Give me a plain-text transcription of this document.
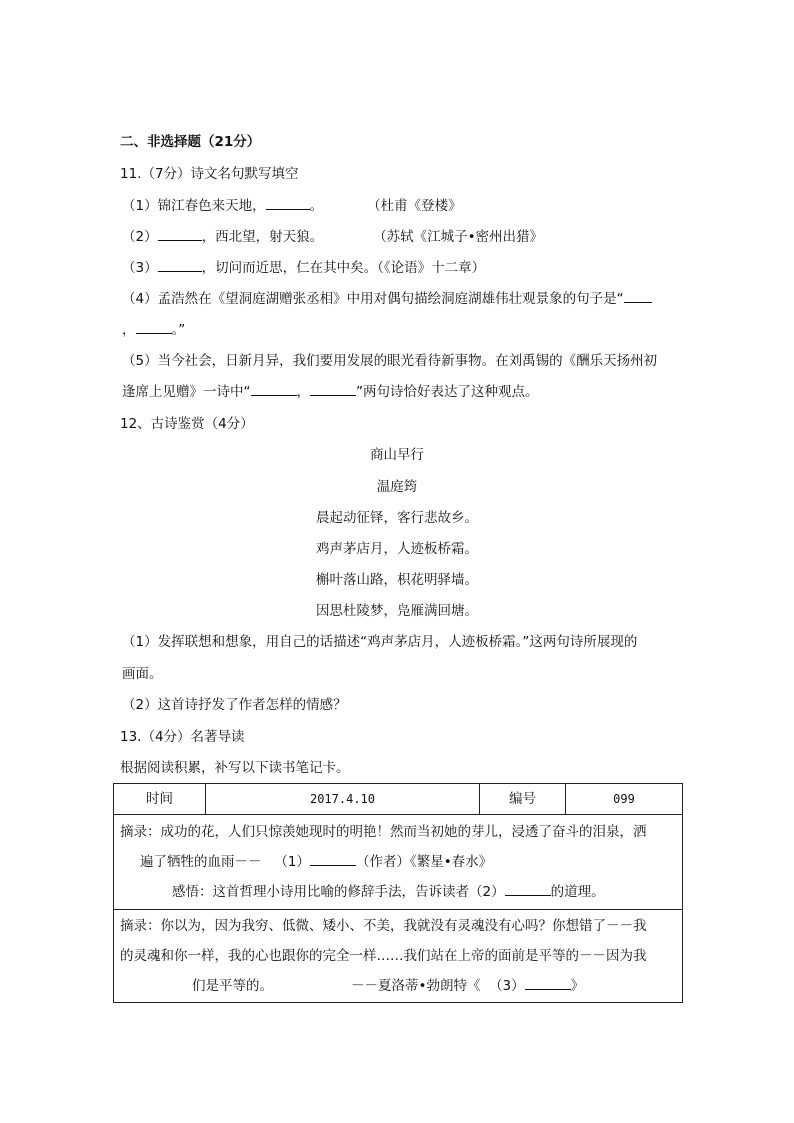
二、非选择题（21分）
11.（7分）诗文名句默写填空
（1）锦江春色来天地，	。	（杜甫《登楼》
（2）	，西北望，射天狼。	（苏轼《江城子•密州出猎》
（3）	，切问而近思，仁在其中矣。（《论语》十二章）
（4）孟浩然在《望洞庭湖赠张丞相》中用对偶句描绘洞庭湖雄伟壮观景象的句子是“
，	。”
（5）当今社会，日新月异，我们要用发展的眼光看待新事物。在刘禹锡的《酬乐天扬州初
逢席上见赠》一诗中“	，	”两句诗恰好表达了这种观点。
12、古诗鉴赏（4分）
商山早行
温庭筠
晨起动征铎，客行悲故乡。
鸡声茅店月，人迹板桥霜。
槲叶落山路，枳花明驿墙。
因思杜陵梦，凫雁满回塘。
（1）发挥联想和想象，用自己的话描述“鸡声茅店月，人迹板桥霜。”这两句诗所展现的
画面。
（2）这首诗抒发了作者怎样的情感？
13.（4分）名著导读
根据阅读积累，补写以下读书笔记卡。
时间	2017.4.10	编号	099

摘录：成功的花，人们只惊羡她现时的明艳！然而当初她的芽儿，浸透了奋斗的泪泉，洒
遍了牺牲的血雨－－ （1）	（作者）《繁星•春水》
感悟：这首哲理小诗用比喻的修辞手法，告诉读者（2）	的道理。

摘录：你以为，因为我穷、低微、矮小、不美，我就没有灵魂没有心吗？你想错了－－我
的灵魂和你一样，我的心也跟你的完全一样……我们站在上帝的面前是平等的－－因为我
们是平等的。	－－夏洛蒂•勃朗特《 （3）	》
